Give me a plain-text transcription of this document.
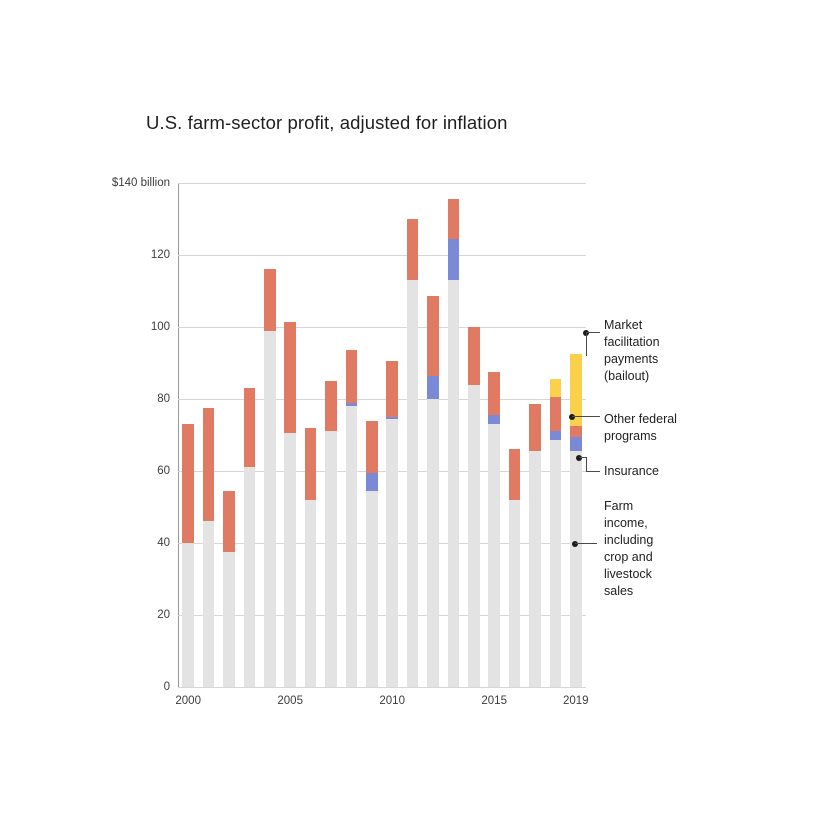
U.S. farm-sector profit, adjusted for inflation
0
20
40
60
80
100
120
$140 billion
2000	2005	2010	2015	2019
Market
facilitation
payments
(bailout)
Other federal
programs
Insurance
Farm
income,
including
crop and
livestock
sales
